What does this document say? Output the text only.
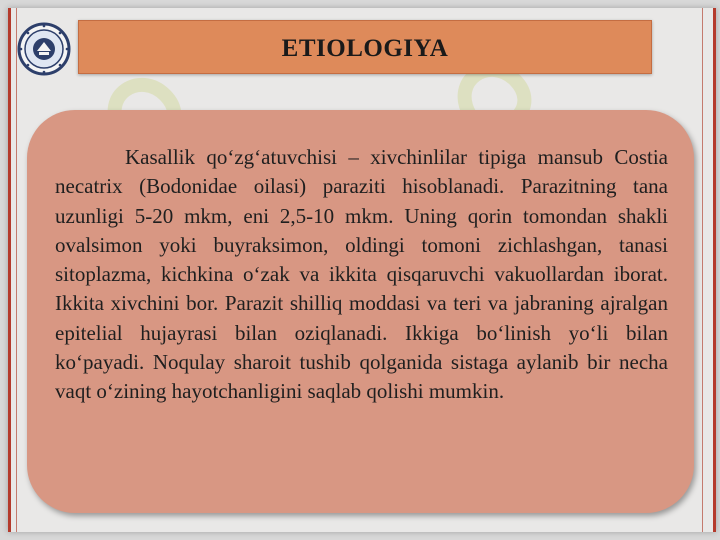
ETIOLOGIYA

Kasallik qo‘zg‘atuvchisi – xivchinlilar tipiga mansub Costia necatrix (Bodonidae oilasi) paraziti hisoblanadi. Parazitning tana uzunligi 5-20 mkm, eni 2,5-10 mkm. Uning qorin tomondan shakli ovalsimon yoki buyraksimon, oldingi tomoni zichlashgan, tanasi sitoplazma, kichkina o‘zak va ikkita qisqaruvchi vakuollardan iborat. Ikkita xivchini bor. Parazit shilliq moddasi va teri va jabraning ajralgan epitelial hujayrasi bilan oziqlanadi. Ikkiga bo‘linish yo‘li bilan ko‘payadi. Noqulay sharoit tushib qolganida sistaga aylanib bir necha vaqt o‘zining hayotchanligini saqlab qolishi mumkin.
